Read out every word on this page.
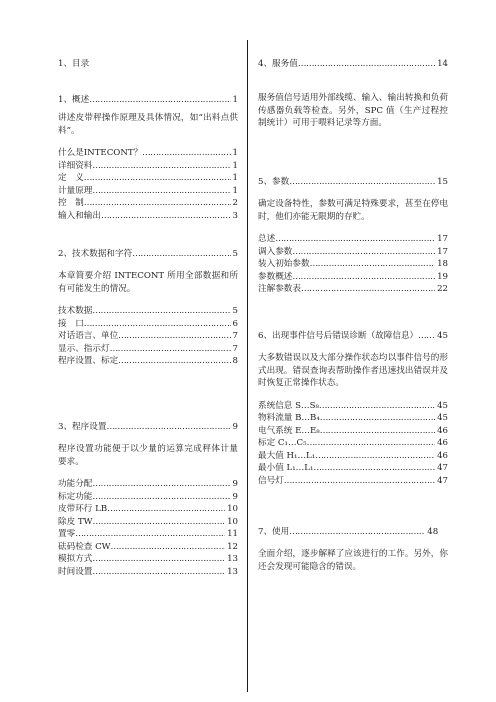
1、目录
1、概述 …………………………………………………………………………	1
讲述皮带秤操作原理及具体情况，如“出料点供料”。
什么是INTECONT？ …………………………………………………………………………	1
详细资料 …………………………………………………………………………	1
定　义 …………………………………………………………………………	1
计量原理 …………………………………………………………………………	1
控　制 …………………………………………………………………………	2
输入和输出 …………………………………………………………………………	3
2、技术数据和字符 …………………………………………………………………………	5
本章简要介绍 INTECONT 所用全部数据和所有可能发生的情况。
技术数据 …………………………………………………………………………	5
接　口 …………………………………………………………………………	6
对话语言、单位 …………………………………………………………………………	7
显示、指示灯 …………………………………………………………………………	7
程序设置、标定 …………………………………………………………………………	8
3、程序设置 …………………………………………………………………………	9
程序设置功能便于以少量的运算完成秤体计量要求。
功能分配 …………………………………………………………………………	9
标定功能 …………………………………………………………………………	9
皮带环行 LB …………………………………………………………………………	10
除皮 TW …………………………………………………………………………	10
置零 …………………………………………………………………………	11
砝码检查 CW …………………………………………………………………………	12
模拟方式 …………………………………………………………………………	13
时间设置 …………………………………………………………………………	13
4、服务值 …………………………………………………………………………	14
服务值信号适用外部线缆、输入、输出转换和负荷传感器负载等检查。另外，SPC 值（生产过程控制统计）可用于喂料记录等方面。
5、参数 …………………………………………………………………………	15
确定设备特性，参数可满足特殊要求，甚至在停电时，他们亦能无限期的存贮。
总述 …………………………………………………………………………	17
调入参数 …………………………………………………………………………	17
装入初始参数 …………………………………………………………………………	18
参数概述 …………………………………………………………………………	19
注解参数表 …………………………………………………………………………	22
6、出现事件信号后错误诊断（故障信息） ………………………………………………………………………… 45
大多数错误以及大部分操作状态均以事件信号的形式出现。错误查询表帮助操作者迅速找出错误并及时恢复正常操作状态。
系统信息 S…S₈ …………………………………………………………………………	45
物料流量 B…B₄ …………………………………………………………………………	45
电气系统 E…E₈ …………………………………………………………………………	46
标定 C₁…C₅ …………………………………………………………………………	46
最大值 H₁…L₁ …………………………………………………………………………	46
最小值 L₁…L₁ …………………………………………………………………………	47
信号灯 …………………………………………………………………………	47
7、使用 …………………………………………………………………………	48
全面介绍，逐步解释了应该进行的工作。另外，你还会发现可能隐含的错误。
